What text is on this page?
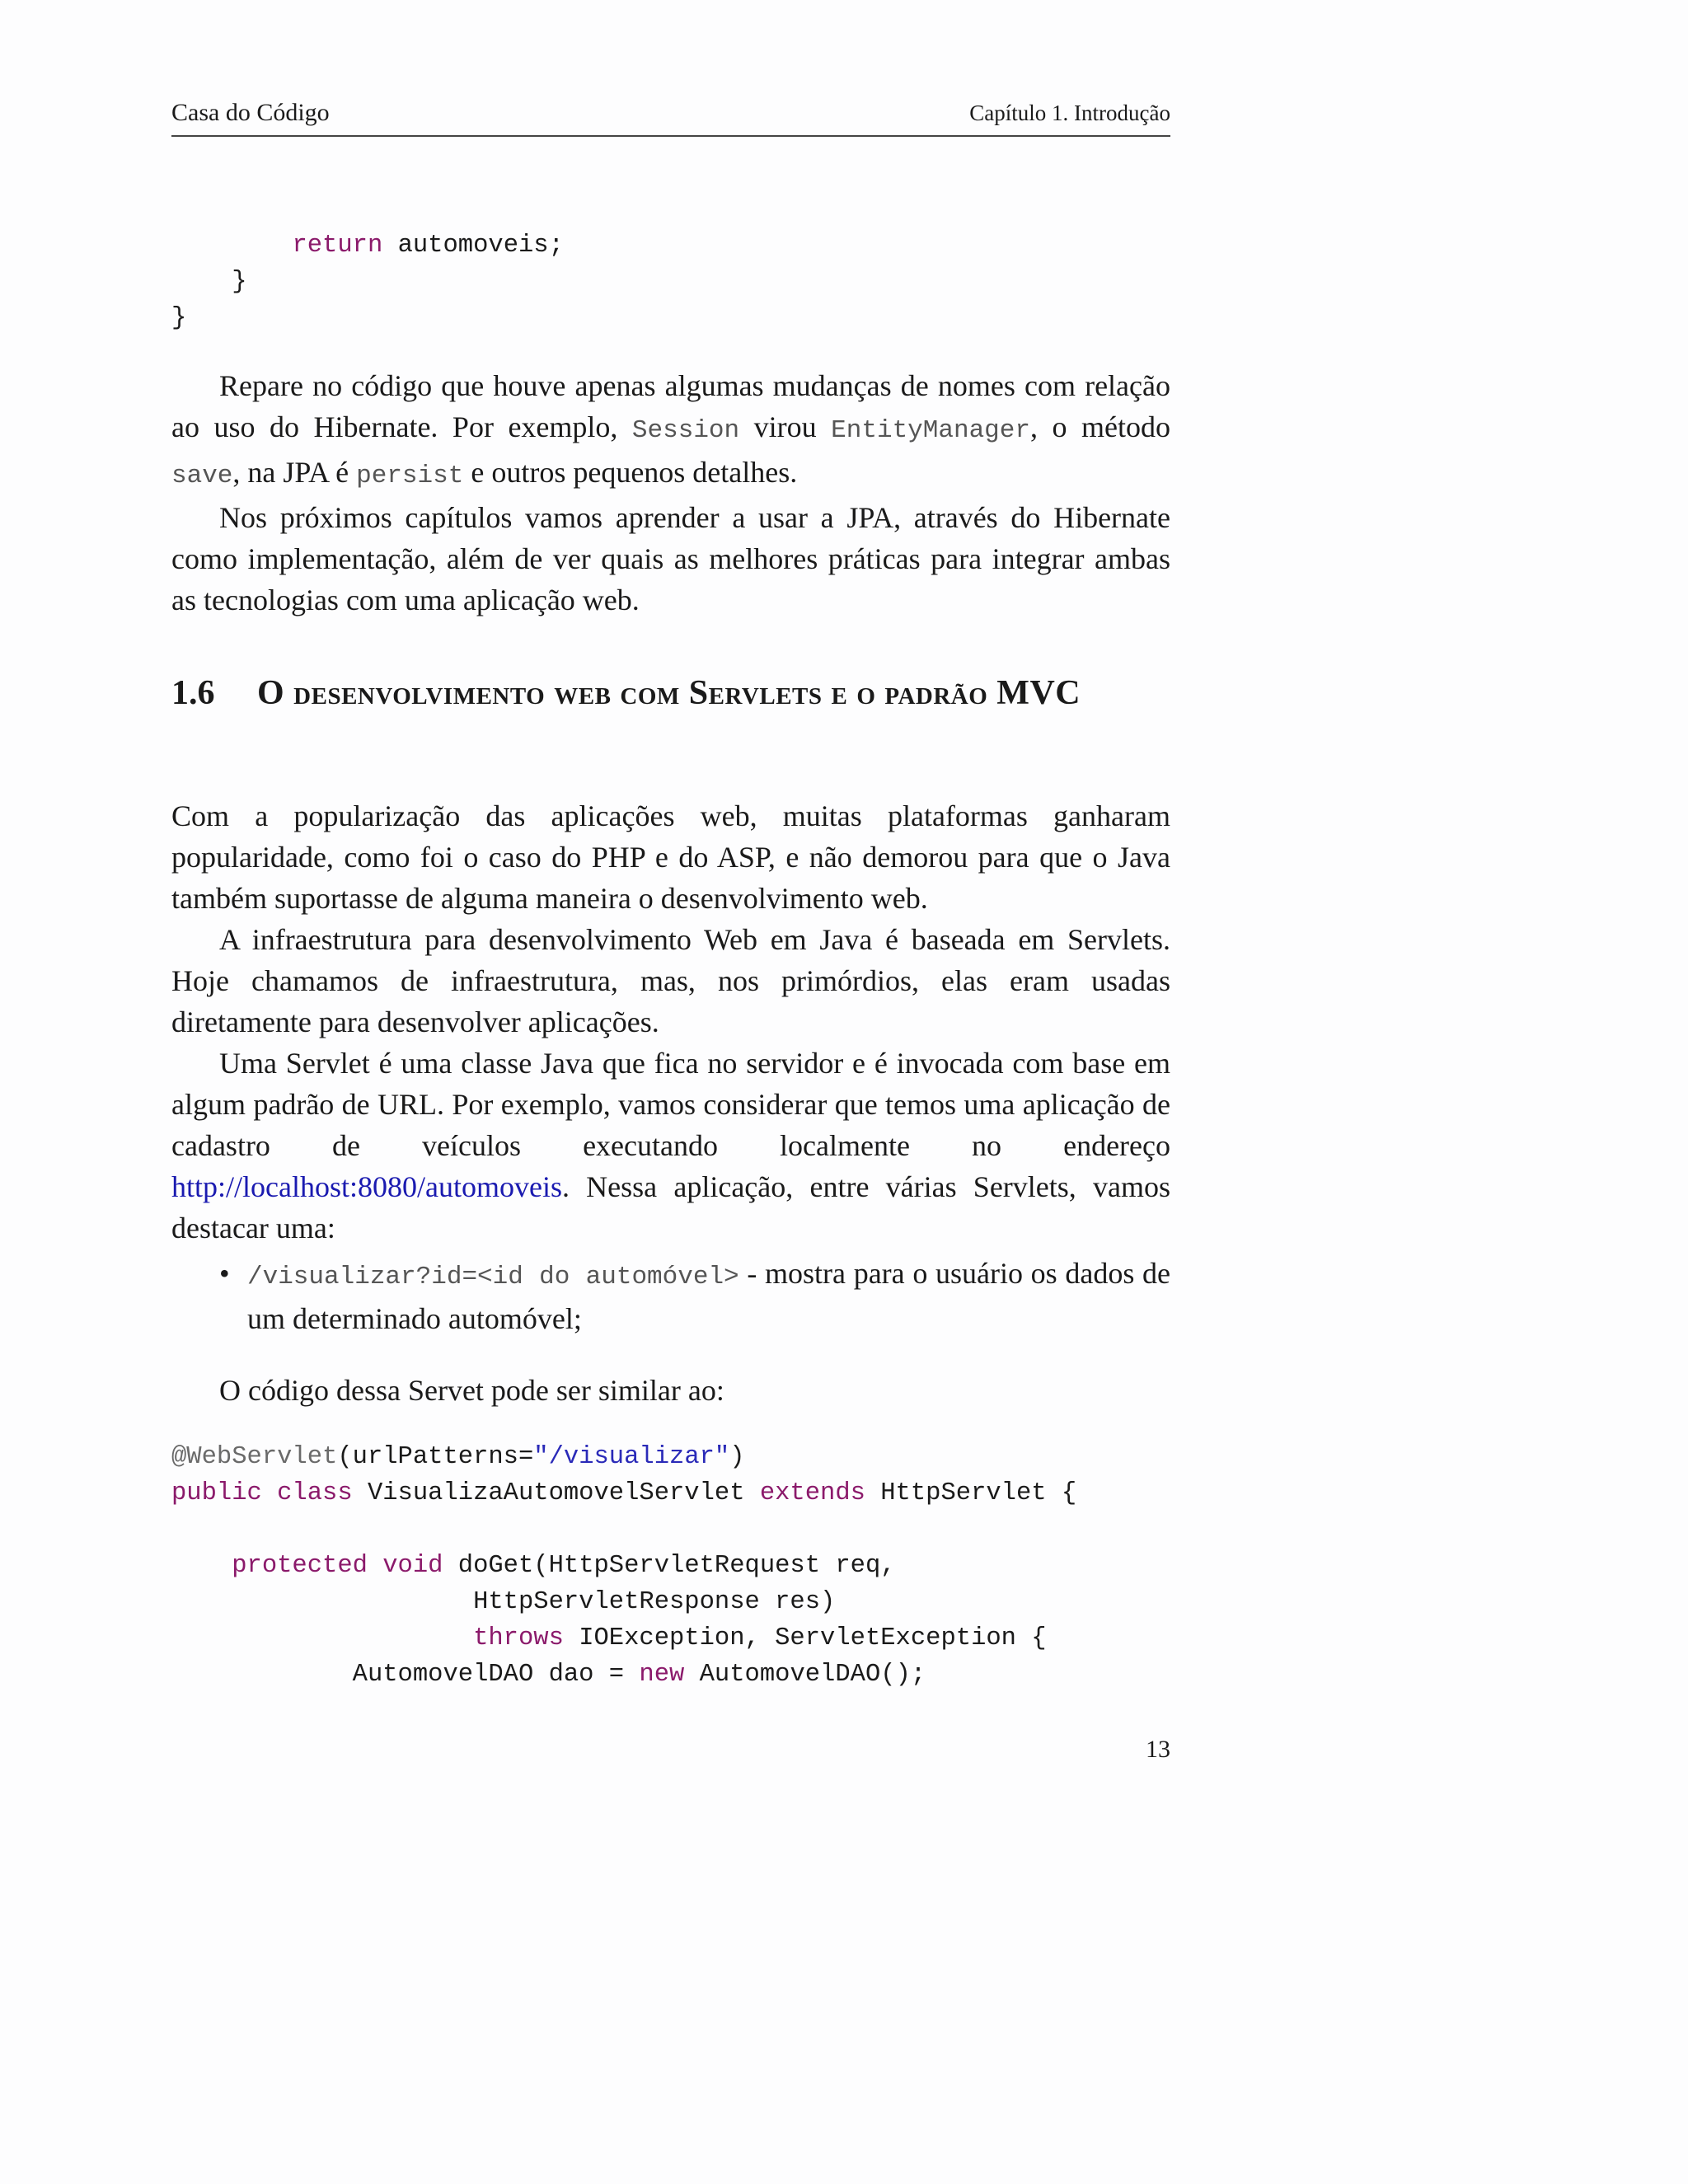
Casa do Código	Capítulo 1. Introdução
return automoveis;
}
}

Repare no código que houve apenas algumas mudanças de nomes com relação ao uso do Hibernate. Por exemplo, Session virou EntityManager, o método save, na JPA é persist e outros pequenos detalhes.

Nos próximos capítulos vamos aprender a usar a JPA, através do Hibernate como implementação, além de ver quais as melhores práticas para integrar ambas as tecnologias com uma aplicação web.

1.6 O desenvolvimento web com Servlets e o padrão MVC

Com a popularização das aplicações web, muitas plataformas ganharam popularidade, como foi o caso do PHP e do ASP, e não demorou para que o Java também suportasse de alguma maneira o desenvolvimento web.

A infraestrutura para desenvolvimento Web em Java é baseada em Servlets. Hoje chamamos de infraestrutura, mas, nos primórdios, elas eram usadas diretamente para desenvolver aplicações.

Uma Servlet é uma classe Java que fica no servidor e é invocada com base em algum padrão de URL. Por exemplo, vamos considerar que temos uma aplicação de cadastro de veículos executando localmente no endereço http://localhost:8080/automoveis. Nessa aplicação, entre várias Servlets, vamos destacar uma:

• /visualizar?id=<id do automóvel> - mostra para o usuário os dados de um determinado automóvel;

O código dessa Servet pode ser similar ao:

@WebServlet(urlPatterns="/visualizar")
public class VisualizaAutomovelServlet extends HttpServlet {

protected void doGet(HttpServletRequest req,
HttpServletResponse res)
throws IOException, ServletException {
AutomovelDAO dao = new AutomovelDAO();
13
